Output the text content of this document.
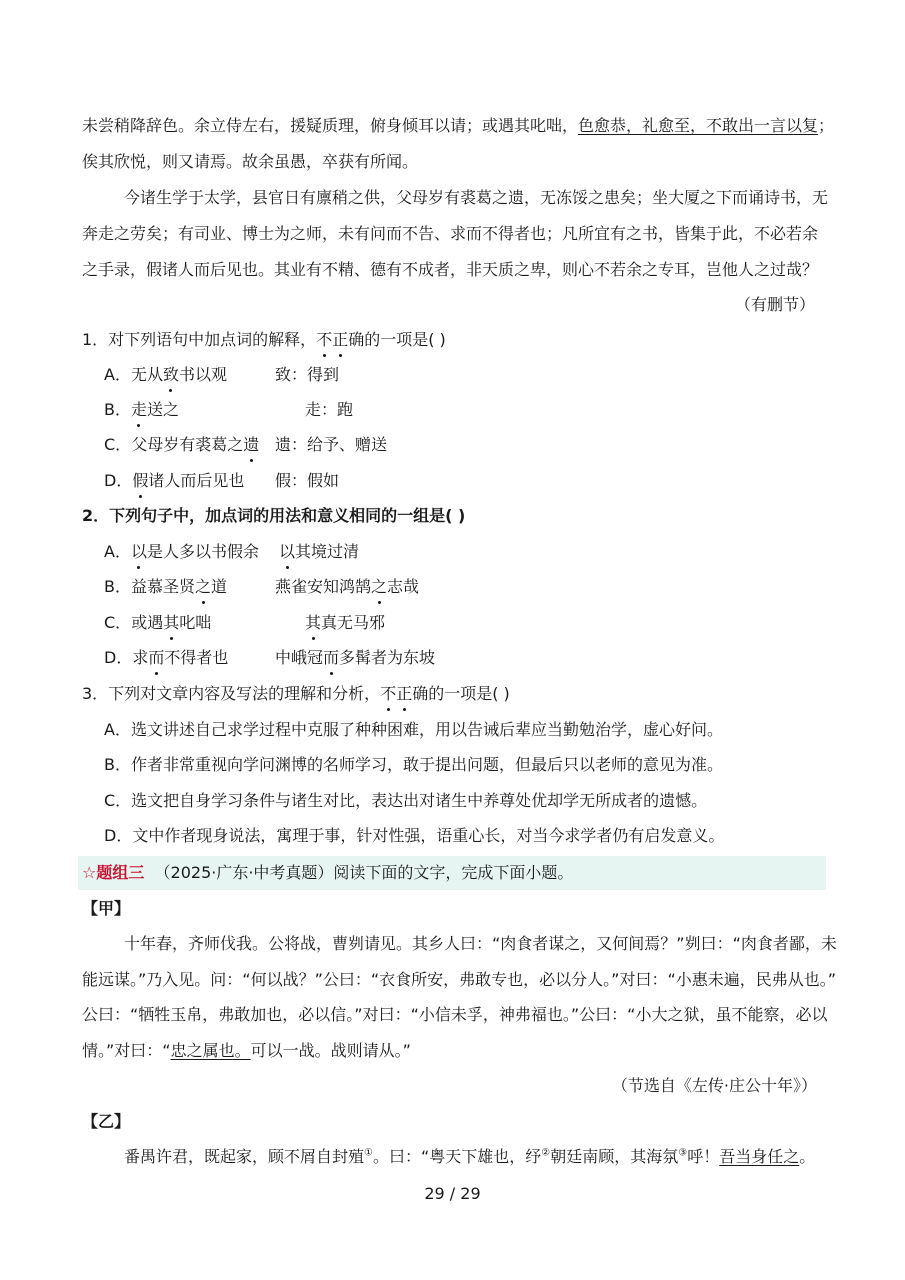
未尝稍降辞色。余立侍左右，援疑质理，俯身倾耳以请；或遇其叱咄，色愈恭，礼愈至，不敢出一言以复；
俟其欣悦，则又请焉。故余虽愚，卒获有所闻。
今诸生学于太学，县官日有廪稍之供，父母岁有裘葛之遗，无冻馁之患矣；坐大厦之下而诵诗书，无
奔走之劳矣；有司业、博士为之师，未有问而不告、求而不得者也；凡所宜有之书，皆集于此，不必若余
之手录，假诸人而后见也。其业有不精、德有不成者，非天质之卑，则心不若余之专耳，岂他人之过哉？
（有删节）
1．对下列语句中加点词的解释，不正确的一项是( )
A．无从致书以观	致：得到
B．走送之	走：跑
C．父母岁有裘葛之遗 遗：给予、赠送
D．假诸人而后见也 假：假如
2．下列句子中，加点词的用法和意义相同的一组是( )
A．以是人多以书假余 以其境过清
B．益慕圣贤之道	燕雀安知鸿鹄之志哉
C．或遇其叱咄	其真无马邪
D．求而不得者也	中峨冠而多髯者为东坡
3．下列对文章内容及写法的理解和分析，不正确的一项是( )
A．选文讲述自己求学过程中克服了种种困难，用以告诫后辈应当勤勉治学，虚心好问。
B．作者非常重视向学问渊博的名师学习，敢于提出问题，但最后只以老师的意见为准。
C．选文把自身学习条件与诸生对比，表达出对诸生中养尊处优却学无所成者的遗憾。
D．文中作者现身说法，寓理于事，针对性强，语重心长，对当今求学者仍有启发意义。
☆题组三 （2025·广东·中考真题）阅读下面的文字，完成下面小题。
【甲】
十年春，齐师伐我。公将战，曹刿请见。其乡人曰：“肉食者谋之，又何间焉？”刿曰：“肉食者鄙，未
能远谋。”乃入见。问：“何以战？”公曰：“衣食所安，弗敢专也，必以分人。”对曰：“小惠未遍，民弗从也。”
公曰：“牺牲玉帛，弗敢加也，必以信。”对曰：“小信未孚，神弗福也。”公曰：“小大之狱，虽不能察，必以
情。”对曰：“忠之属也。可以一战。战则请从。”
（节选自《左传·庄公十年》）
【乙】
番禺许君，既起家，顾不屑自封殖①。曰：“粤天下雄也，纾②朝廷南顾，其海氛③呼！吾当身任之。
29 / 29
